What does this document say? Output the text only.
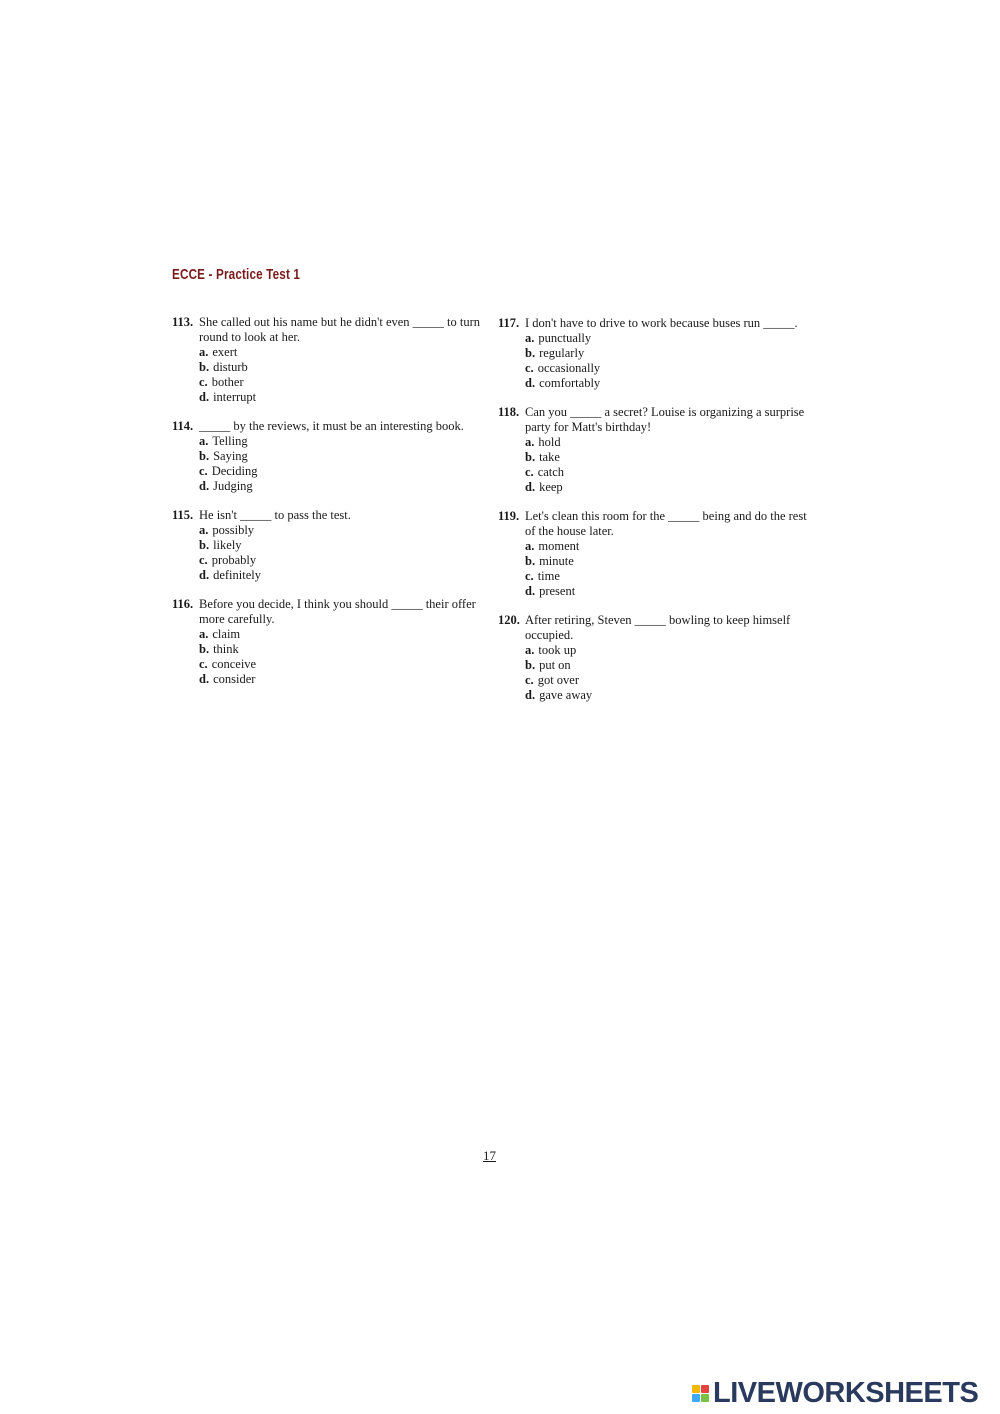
ECCE - Practice Test 1
113. She called out his name but he didn't even _____ to turn round to look at her.
a. exert
b. disturb
c. bother
d. interrupt
114. _____ by the reviews, it must be an interesting book.
a. Telling
b. Saying
c. Deciding
d. Judging
115. He isn't _____ to pass the test.
a. possibly
b. likely
c. probably
d. definitely
116. Before you decide, I think you should _____ their offer more carefully.
a. claim
b. think
c. conceive
d. consider
117. I don't have to drive to work because buses run _____.
a. punctually
b. regularly
c. occasionally
d. comfortably
118. Can you _____ a secret? Louise is organizing a surprise party for Matt's birthday!
a. hold
b. take
c. catch
d. keep
119. Let's clean this room for the _____ being and do the rest of the house later.
a. moment
b. minute
c. time
d. present
120. After retiring, Steven _____ bowling to keep himself occupied.
a. took up
b. put on
c. got over
d. gave away
17
LIVEWORKSHEETS
